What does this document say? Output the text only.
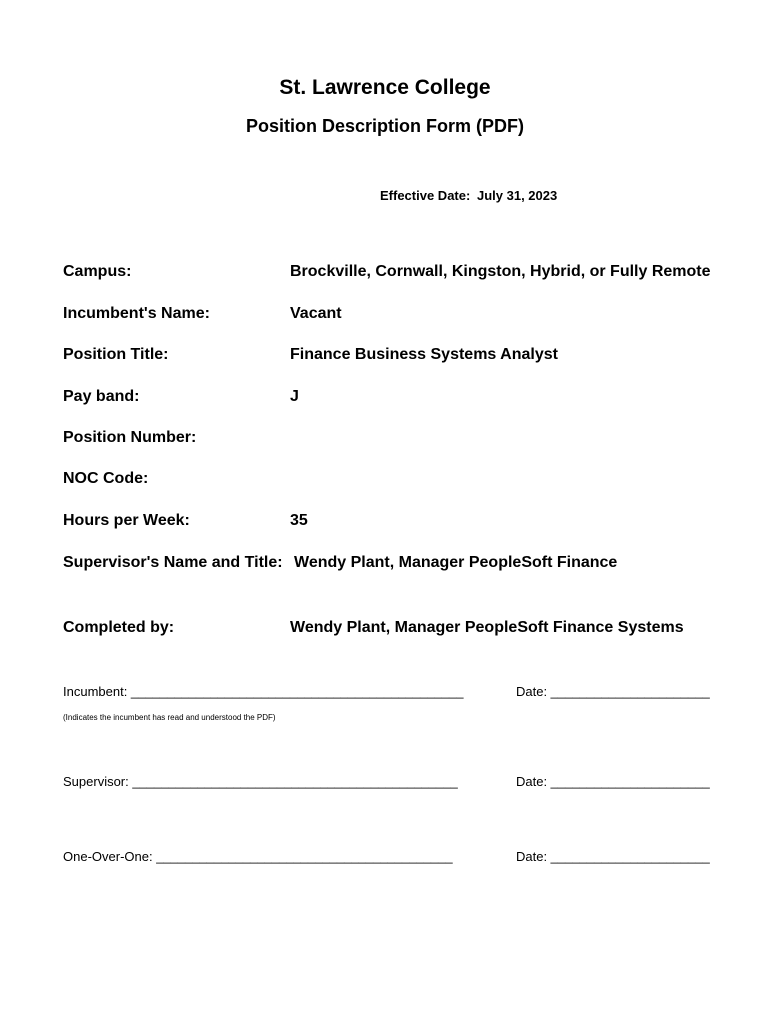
St. Lawrence College
Position Description Form (PDF)
Effective Date: July 31, 2023
Campus:	Brockville, Cornwall, Kingston, Hybrid, or Fully Remote
Incumbent's Name:	Vacant
Position Title:	Finance Business Systems Analyst
Pay band:	J
Position Number:
NOC Code:
Hours per Week:	35
Supervisor's Name and Title: Wendy Plant, Manager PeopleSoft Finance
Completed by:	Wendy Plant, Manager PeopleSoft Finance Systems
Incumbent: ______________________________________________	Date: ______________________
(Indicates the incumbent has read and understood the PDF)
Supervisor: _____________________________________________	Date: ______________________
One-Over-One: _________________________________________	Date: ______________________
